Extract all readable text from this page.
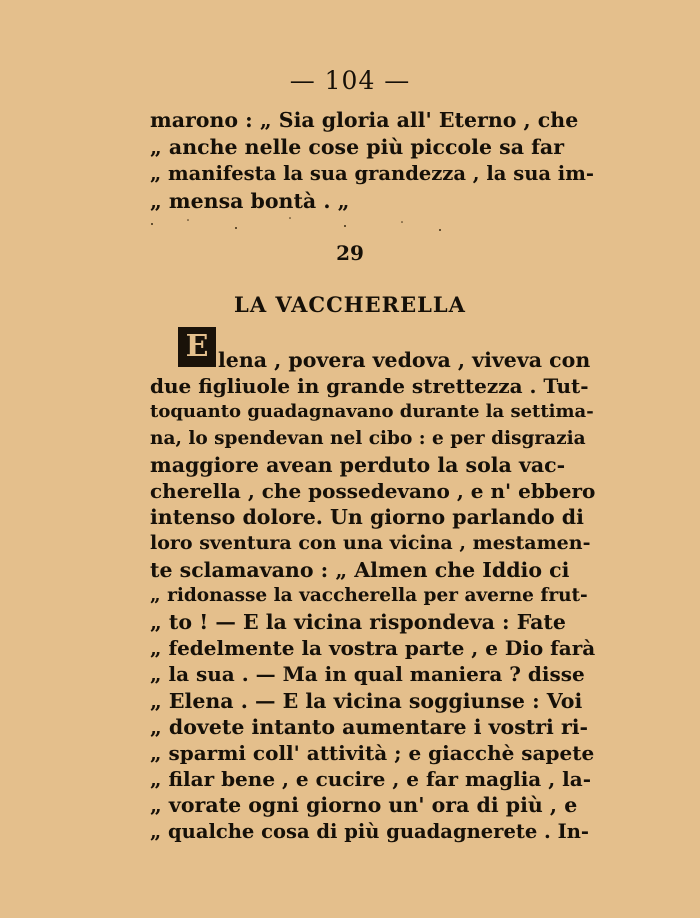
— 104 —
marono : „ Sia gloria all' Eterno , che
„ anche nelle cose più piccole sa far
„ manifesta la sua grandezza , la sua im-
„ mensa bontà . „
29
LA VACCHERELLA
E lena , povera vedova , viveva con
due figliuole in grande strettezza . Tut-
toquanto guadagnavano durante la settima-
na, lo spendevan nel cibo : e per disgrazia
maggiore avean perduto la sola vac-
cherella , che possedevano , e n' ebbero
intenso dolore. Un giorno parlando di
loro sventura con una vicina , mestamen-
te sclamavano : „ Almen che Iddio ci
„ ridonasse la vaccherella per averne frut-
„ to ! — E la vicina rispondeva : Fate
„ fedelmente la vostra parte , e Dio farà
„ la sua . — Ma in qual maniera ? disse
„ Elena . — E la vicina soggiunse : Voi
„ dovete intanto aumentare i vostri ri-
„ sparmi coll' attività ; e giacchè sapete
„ filar bene , e cucire , e far maglia , la-
„ vorate ogni giorno un' ora di più , e
„ qualche cosa di più guadagnerete . In-
